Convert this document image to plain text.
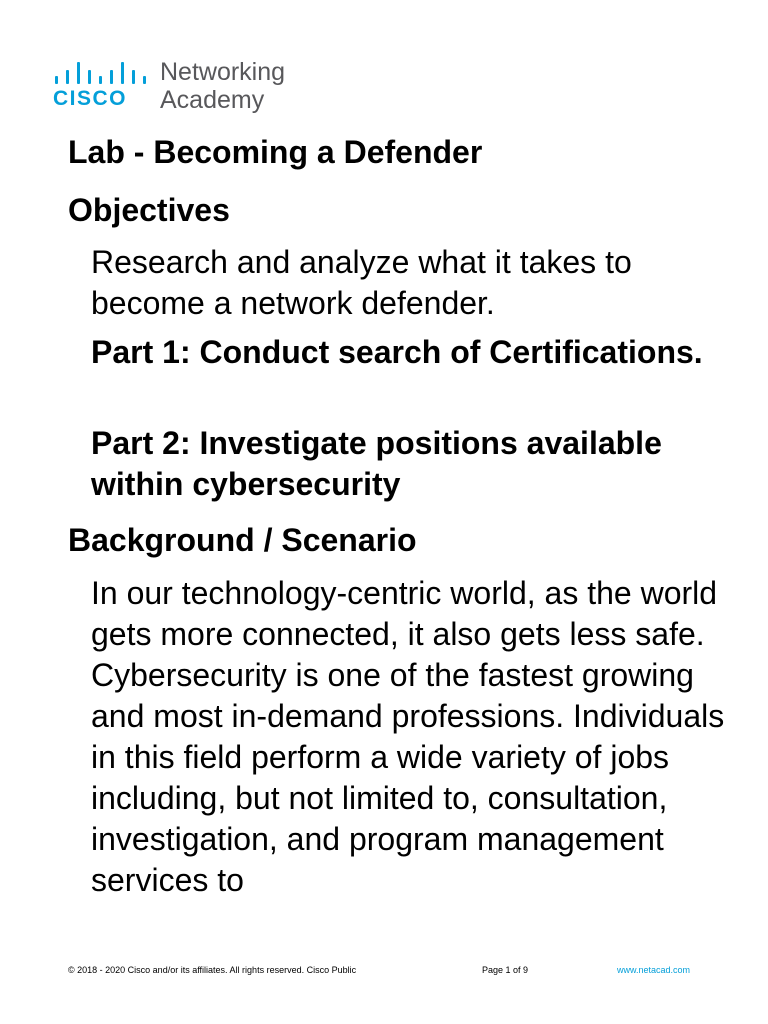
CISCO
Networking
Academy
Lab - Becoming a Defender
Objectives
Research and analyze what it takes to become a network defender.
Part 1: Conduct search of Certifications.
Part 2: Investigate positions available within cybersecurity
Background / Scenario
In our technology-centric world, as the world gets more connected, it also gets less safe. Cybersecurity is one of the fastest growing and most in-demand professions. Individuals in this field perform a wide variety of jobs including, but not limited to, consultation, investigation, and program management services to
© 2018 - 2020 Cisco and/or its affiliates. All rights reserved. Cisco Public	Page 1 of 9	www.netacad.com
